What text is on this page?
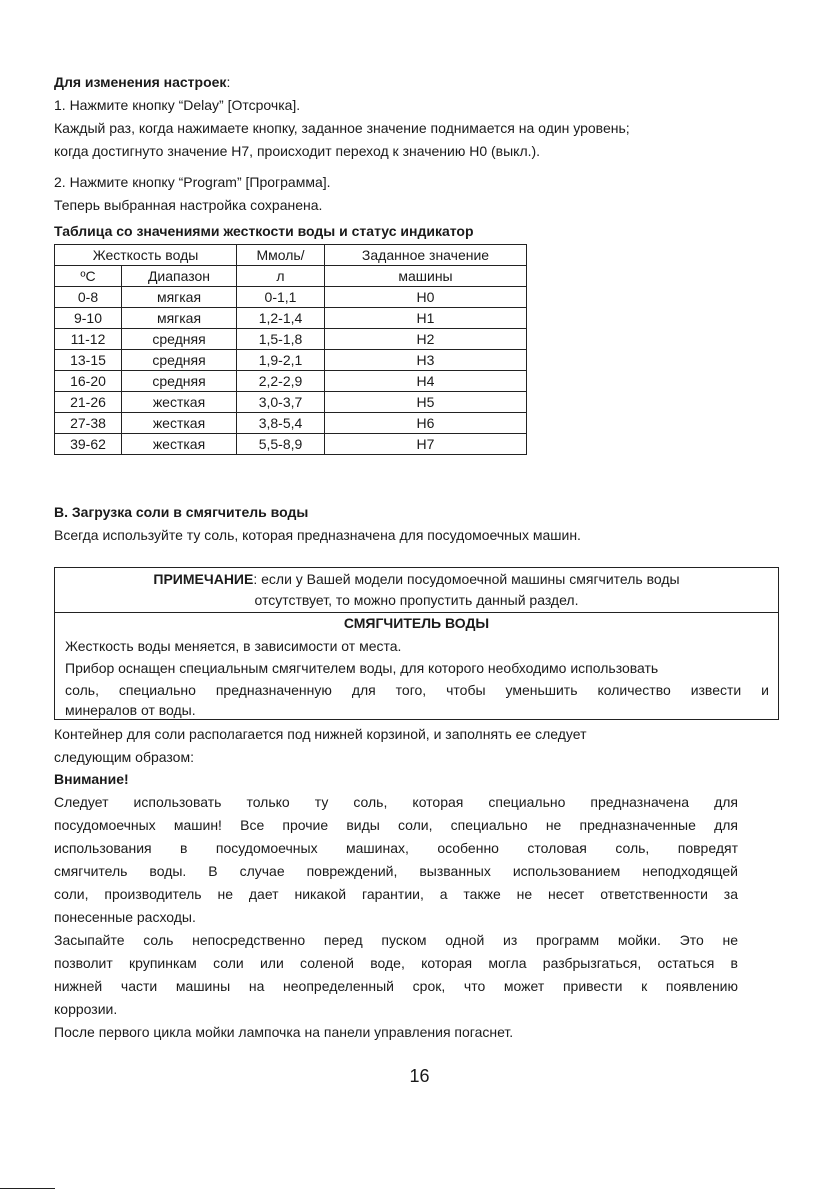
Для изменения настроек:
1. Нажмите кнопку “Delay” [Отсрочка].
Каждый раз, когда нажимаете кнопку, заданное значение поднимается на один уровень;
когда достигнуто значение H7, происходит переход к значению H0 (выкл.).
2. Нажмите кнопку “Program” [Программа].
Теперь выбранная настройка сохранена.
Таблица со значениями жесткости воды и статус индикатор
Жесткость воды		Ммоль/	Заданное значение
ºС	Диапазон	л	машины
0-8	мягкая	0-1,1	H0
9-10	мягкая	1,2-1,4	H1
11-12	средняя	1,5-1,8	H2
13-15	средняя	1,9-2,1	H3
16-20	средняя	2,2-2,9	H4
21-26	жесткая	3,0-3,7	H5
27-38	жесткая	3,8-5,4	H6
39-62	жесткая	5,5-8,9	H7
B. Загрузка соли в смягчитель воды
Всегда используйте ту соль, которая предназначена для посудомоечных машин.
ПРИМЕЧАНИЕ: если у Вашей модели посудомоечной машины смягчитель воды
отсутствует, то можно пропустить данный раздел.
СМЯГЧИТЕЛЬ ВОДЫ
Жесткость воды меняется, в зависимости от места.
Прибор оснащен специальным смягчителем воды, для которого необходимо использовать
соль, специально предназначенную для того, чтобы уменьшить количество извести и
минералов от воды.
Контейнер для соли располагается под нижней корзиной, и заполнять ее следует
следующим образом:
Внимание!
Следует использовать только ту соль, которая специально предназначена для
посудомоечных машин! Все прочие виды соли, специально не предназначенные для
использования в посудомоечных машинах, особенно столовая соль, повредят
смягчитель воды. В случае повреждений, вызванных использованием неподходящей
соли, производитель не дает никакой гарантии, а также не несет ответственности за
понесенные расходы.
Засыпайте соль непосредственно перед пуском одной из программ мойки. Это не
позволит крупинкам соли или соленой воде, которая могла разбрызгаться, остаться в
нижней части машины на неопределенный срок, что может привести к появлению
коррозии.
После первого цикла мойки лампочка на панели управления погаснет.
16
